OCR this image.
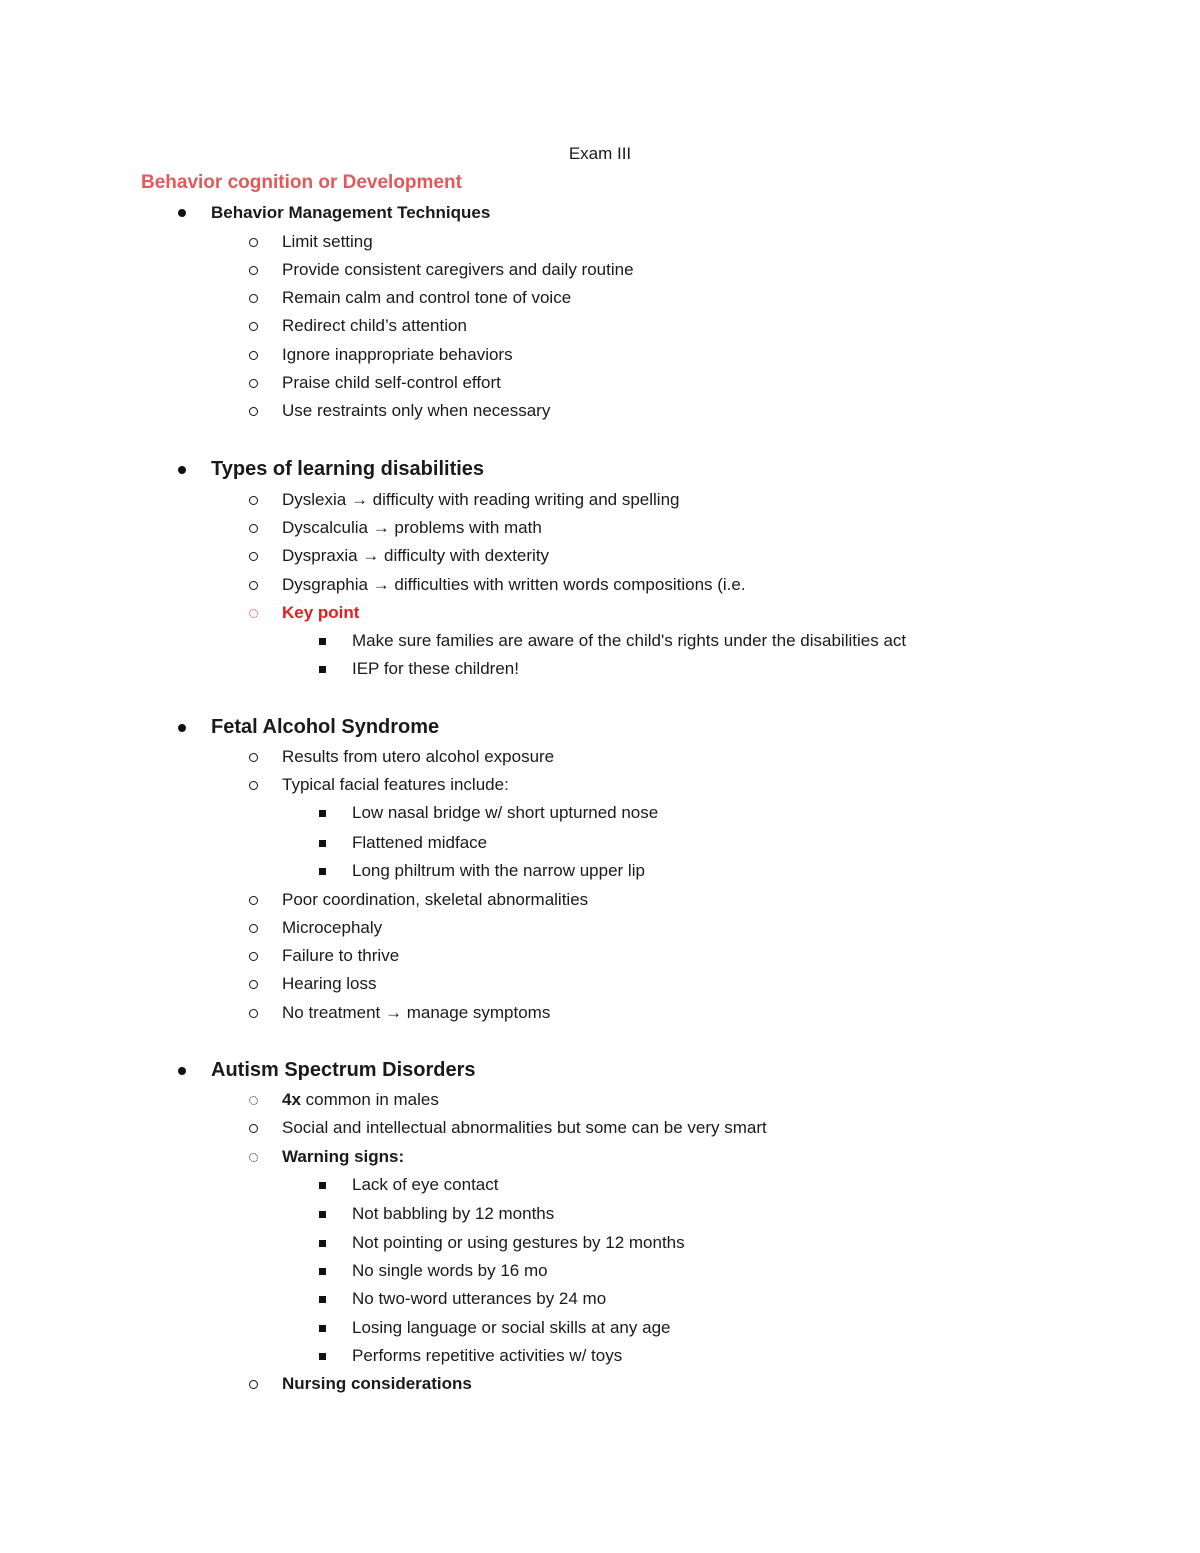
Exam III
Behavior cognition or Development
Behavior Management Techniques
Limit setting
Provide consistent caregivers and daily routine
Remain calm and control tone of voice
Redirect child’s attention
Ignore inappropriate behaviors
Praise child self-control effort
Use restraints only when necessary
Types of learning disabilities
Dyslexia → difficulty with reading writing and spelling
Dyscalculia → problems with math
Dyspraxia → difficulty with dexterity
Dysgraphia → difficulties with written words compositions (i.e.
Key point
Make sure families are aware of the child's rights under the disabilities act
IEP for these children!
Fetal Alcohol Syndrome
Results from utero alcohol exposure
Typical facial features include:
Low nasal bridge w/ short upturned nose
Flattened midface
Long philtrum with the narrow upper lip
Poor coordination, skeletal abnormalities
Microcephaly
Failure to thrive
Hearing loss
No treatment → manage symptoms
Autism Spectrum Disorders
4x common in males
Social and intellectual abnormalities but some can be very smart
Warning signs:
Lack of eye contact
Not babbling by 12 months
Not pointing or using gestures by 12 months
No single words by 16 mo
No two-word utterances by 24 mo
Losing language or social skills at any age
Performs repetitive activities w/ toys
Nursing considerations
